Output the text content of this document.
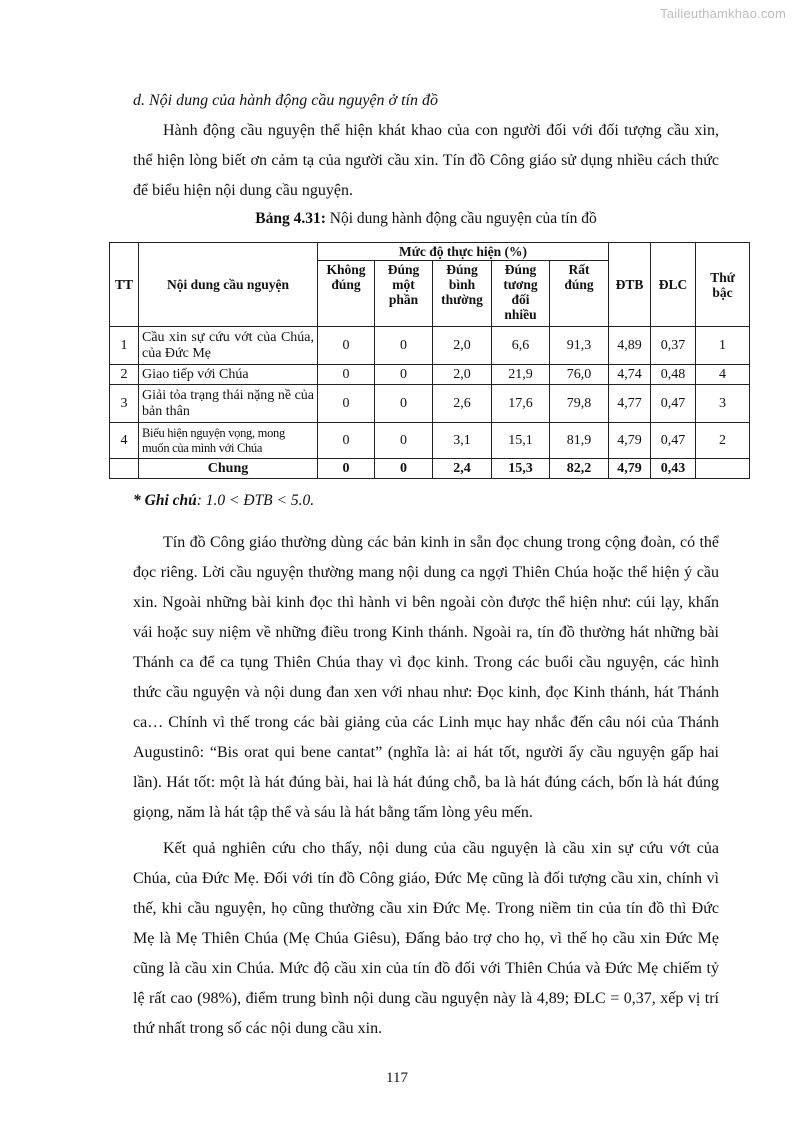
Tailieuthamkhao.com
d. Nội dung của hành động cầu nguyện ở tín đồ

Hành động cầu nguyện thể hiện khát khao của con người đối với đối tượng cầu xin, thể hiện lòng biết ơn cảm tạ của người cầu xin. Tín đồ Công giáo sử dụng nhiều cách thức để biểu hiện nội dung cầu nguyện.

Bảng 4.31: Nội dung hành động cầu nguyện của tín đồ
TT	Nội dung cầu nguyện	Mức độ thực hiện (%)					ĐTB	ĐLC	Thứ bậc
		Không đúng	Đúng một phần	Đúng bình thường	Đúng tương đối nhiều	Rất đúng			
1	Cầu xin sự cứu vớt của Chúa, của Đức Mẹ	0	0	2,0	6,6	91,3	4,89	0,37	1
2	Giao tiếp với Chúa	0	0	2,0	21,9	76,0	4,74	0,48	4
3	Giải tỏa trạng thái nặng nề của bản thân	0	0	2,6	17,6	79,8	4,77	0,47	3
4	Biểu hiện nguyện vọng, mong muốn của mình với Chúa	0	0	3,1	15,1	81,9	4,79	0,47	2
	Chung	0	0	2,4	15,3	82,2	4,79	0,43	
* Ghi chú: 1.0 < ĐTB < 5.0.

Tín đồ Công giáo thường dùng các bản kinh in sẵn đọc chung trong cộng đoàn, có thể đọc riêng. Lời cầu nguyện thường mang nội dung ca ngợi Thiên Chúa hoặc thể hiện ý cầu xin. Ngoài những bài kinh đọc thì hành vi bên ngoài còn được thể hiện như: cúi lạy, khấn vái hoặc suy niệm về những điều trong Kinh thánh. Ngoài ra, tín đồ thường hát những bài Thánh ca để ca tụng Thiên Chúa thay vì đọc kinh. Trong các buổi cầu nguyện, các hình thức cầu nguyện và nội dung đan xen với nhau như: Đọc kinh, đọc Kinh thánh, hát Thánh ca… Chính vì thế trong các bài giảng của các Linh mục hay nhắc đến câu nói của Thánh Augustinô: “Bis orat qui bene cantat” (nghĩa là: ai hát tốt, người ấy cầu nguyện gấp hai lần). Hát tốt: một là hát đúng bài, hai là hát đúng chỗ, ba là hát đúng cách, bốn là hát đúng giọng, năm là hát tập thể và sáu là hát bằng tấm lòng yêu mến.

Kết quả nghiên cứu cho thấy, nội dung của cầu nguyện là cầu xin sự cứu vớt của Chúa, của Đức Mẹ. Đối với tín đồ Công giáo, Đức Mẹ cũng là đối tượng cầu xin, chính vì thế, khi cầu nguyện, họ cũng thường cầu xin Đức Mẹ. Trong niềm tin của tín đồ thì Đức Mẹ là Mẹ Thiên Chúa (Mẹ Chúa Giêsu), Đấng bảo trợ cho họ, vì thế họ cầu xin Đức Mẹ cũng là cầu xin Chúa. Mức độ cầu xin của tín đồ đối với Thiên Chúa và Đức Mẹ chiếm tỷ lệ rất cao (98%), điểm trung bình nội dung cầu nguyện này là 4,89; ĐLC = 0,37, xếp vị trí thứ nhất trong số các nội dung cầu xin.

117
